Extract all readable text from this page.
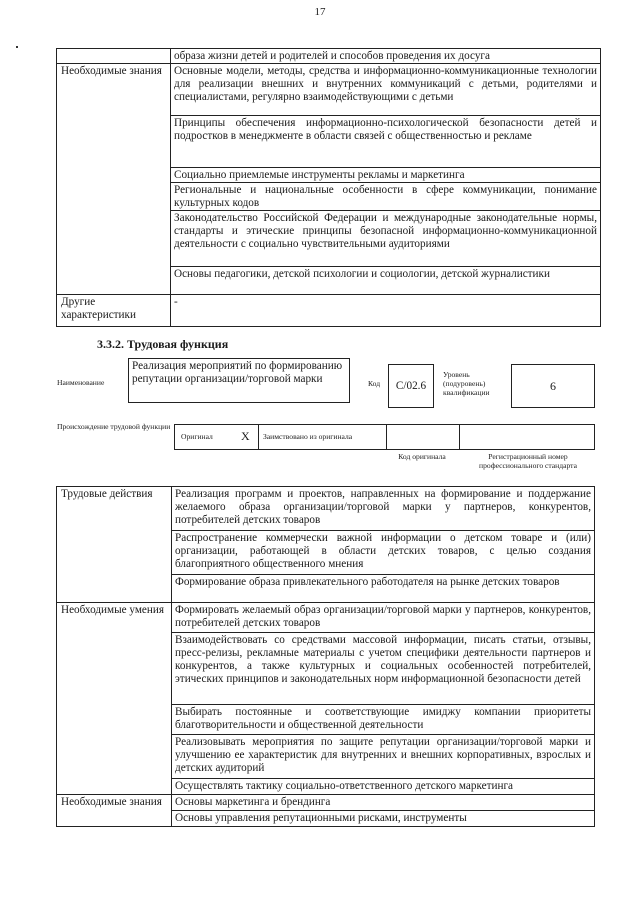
17
	образа жизни детей и родителей и способов проведения их досуга
Необходимые знания	Основные модели, методы, средства и информационно-коммуникационные технологии для реализации внешних и внутренних коммуникаций с детьми, родителями и специалистами, регулярно взаимодействующими с детьми
	Принципы обеспечения информационно-психологической безопасности детей и подростков в менеджменте в области связей с общественностью и рекламе
	Социально приемлемые инструменты рекламы и маркетинга
	Региональные и национальные особенности в сфере коммуникации, понимание культурных кодов
	Законодательство Российской Федерации и международные законодательные нормы, стандарты и этические принципы безопасной информационно-коммуникационной деятельности с социально чувствительными аудиториями
	Основы педагогики, детской психологии и социологии, детской журналистики
Другие характеристики	-
3.3.2. Трудовая функция
Наименование
Реализация мероприятий по формированию репутации организации/торговой марки	Код	С/02.6
Уровень (подуровень) квалификации	6
Происхождение трудовой функции
Оригинал	X	Заимствовано из оригинала
Код оригинала	Регистрационный номер профессионального стандарта
Трудовые действия	Реализация программ и проектов, направленных на формирование и поддержание желаемого образа организации/торговой марки у партнеров, конкурентов, потребителей детских товаров
	Распространение коммерчески важной информации о детском товаре и (или) организации, работающей в области детских товаров, с целью создания благоприятного общественного мнения
	Формирование образа привлекательного работодателя на рынке детских товаров
Необходимые умения	Формировать желаемый образ организации/торговой марки у партнеров, конкурентов, потребителей детских товаров
	Взаимодействовать со средствами массовой информации, писать статьи, отзывы, пресс-релизы, рекламные материалы с учетом специфики деятельности партнеров и конкурентов, а также культурных и социальных особенностей потребителей, этических принципов и законодательных норм информационной безопасности детей
	Выбирать постоянные и соответствующие имиджу компании приоритеты благотворительности и общественной деятельности
	Реализовывать мероприятия по защите репутации организации/торговой марки и улучшению ее характеристик для внутренних и внешних корпоративных, взрослых и детских аудиторий
	Осуществлять тактику социально-ответственного детского маркетинга
Необходимые знания	Основы маркетинга и брендинга
	Основы управления репутационными рисками, инструменты
